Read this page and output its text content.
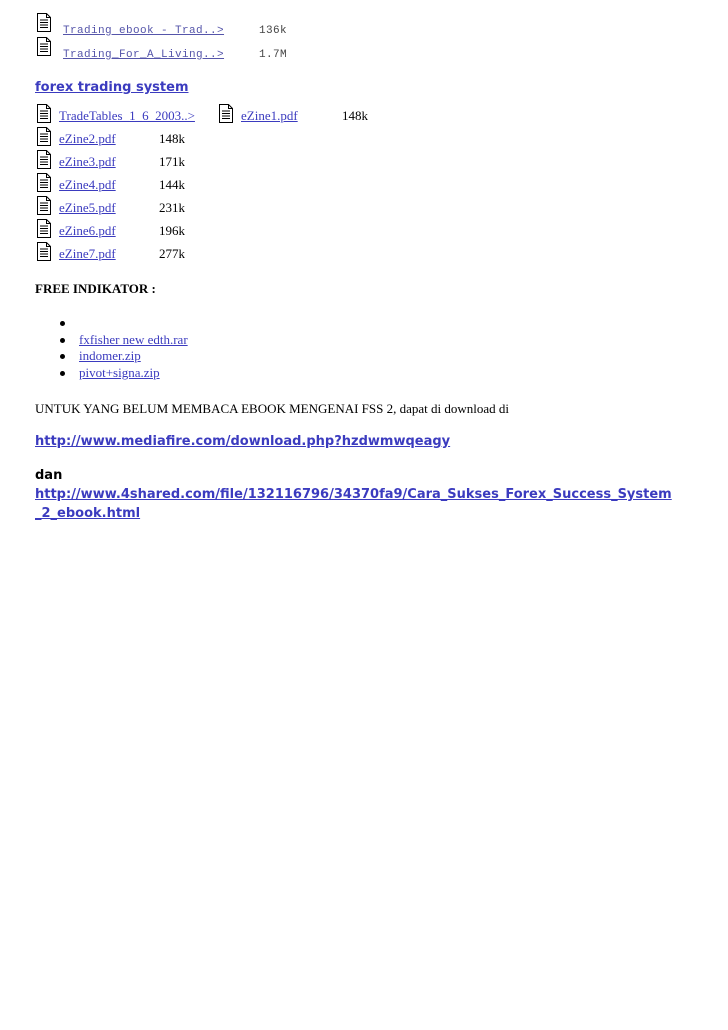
Trading ebook - Trad..>	136k
Trading_For_A_Living..>	1.7M
forex trading system
TradeTables_1_6_2003..>	eZine1.pdf	148k
eZine2.pdf	148k
eZine3.pdf	171k
eZine4.pdf	144k
eZine5.pdf	231k
eZine6.pdf	196k
eZine7.pdf	277k
FREE INDIKATOR :
fxfisher new edth.rar
indomer.zip
pivot+signa.zip
UNTUK YANG BELUM MEMBACA EBOOK MENGENAI FSS 2, dapat di download di
http://www.mediafire.com/download.php?hzdwmwqeagy
dan
http://www.4shared.com/file/132116796/34370fa9/Cara_Sukses_Forex_Success_System
_2_ebook.html
